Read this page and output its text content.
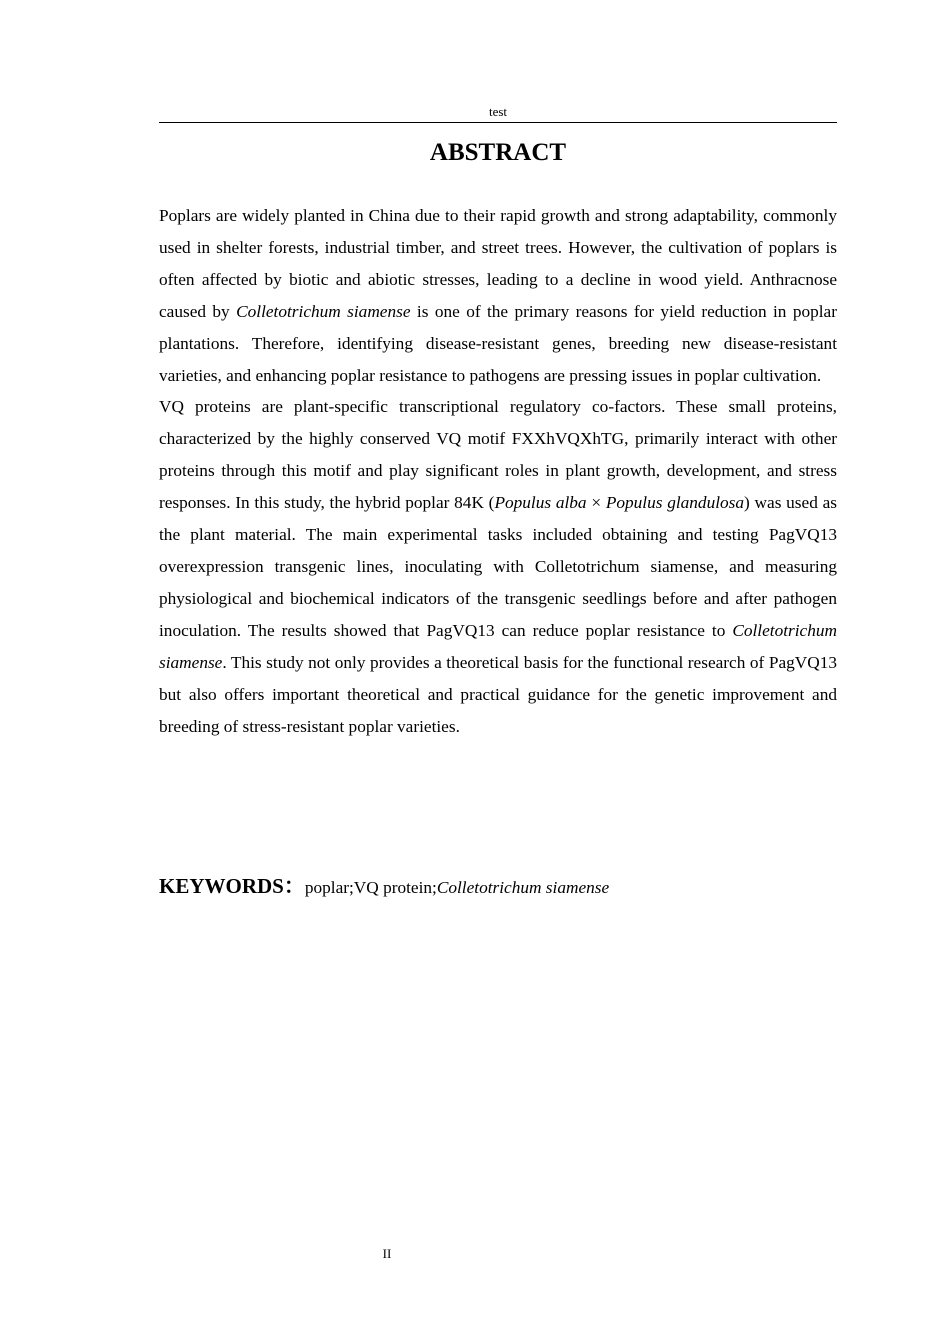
test
ABSTRACT

Poplars are widely planted in China due to their rapid growth and strong adaptability, commonly used in shelter forests, industrial timber, and street trees. However, the cultivation of poplars is often affected by biotic and abiotic stresses, leading to a decline in wood yield. Anthracnose caused by Colletotrichum siamense is one of the primary reasons for yield reduction in poplar plantations. Therefore, identifying disease-resistant genes, breeding new disease-resistant varieties, and enhancing poplar resistance to pathogens are pressing issues in poplar cultivation.

VQ proteins are plant-specific transcriptional regulatory co-factors. These small proteins, characterized by the highly conserved VQ motif FXXhVQXhTG, primarily interact with other proteins through this motif and play significant roles in plant growth, development, and stress responses. In this study, the hybrid poplar 84K (Populus alba × Populus glandulosa) was used as the plant material. The main experimental tasks included obtaining and testing PagVQ13 overexpression transgenic lines, inoculating with Colletotrichum siamense, and measuring physiological and biochemical indicators of the transgenic seedlings before and after pathogen inoculation. The results showed that PagVQ13 can reduce poplar resistance to Colletotrichum siamense. This study not only provides a theoretical basis for the functional research of PagVQ13 but also offers important theoretical and practical guidance for the genetic improvement and breeding of stress-resistant poplar varieties.

KEYWORDS：poplar;VQ protein;Colletotrichum siamense
II
